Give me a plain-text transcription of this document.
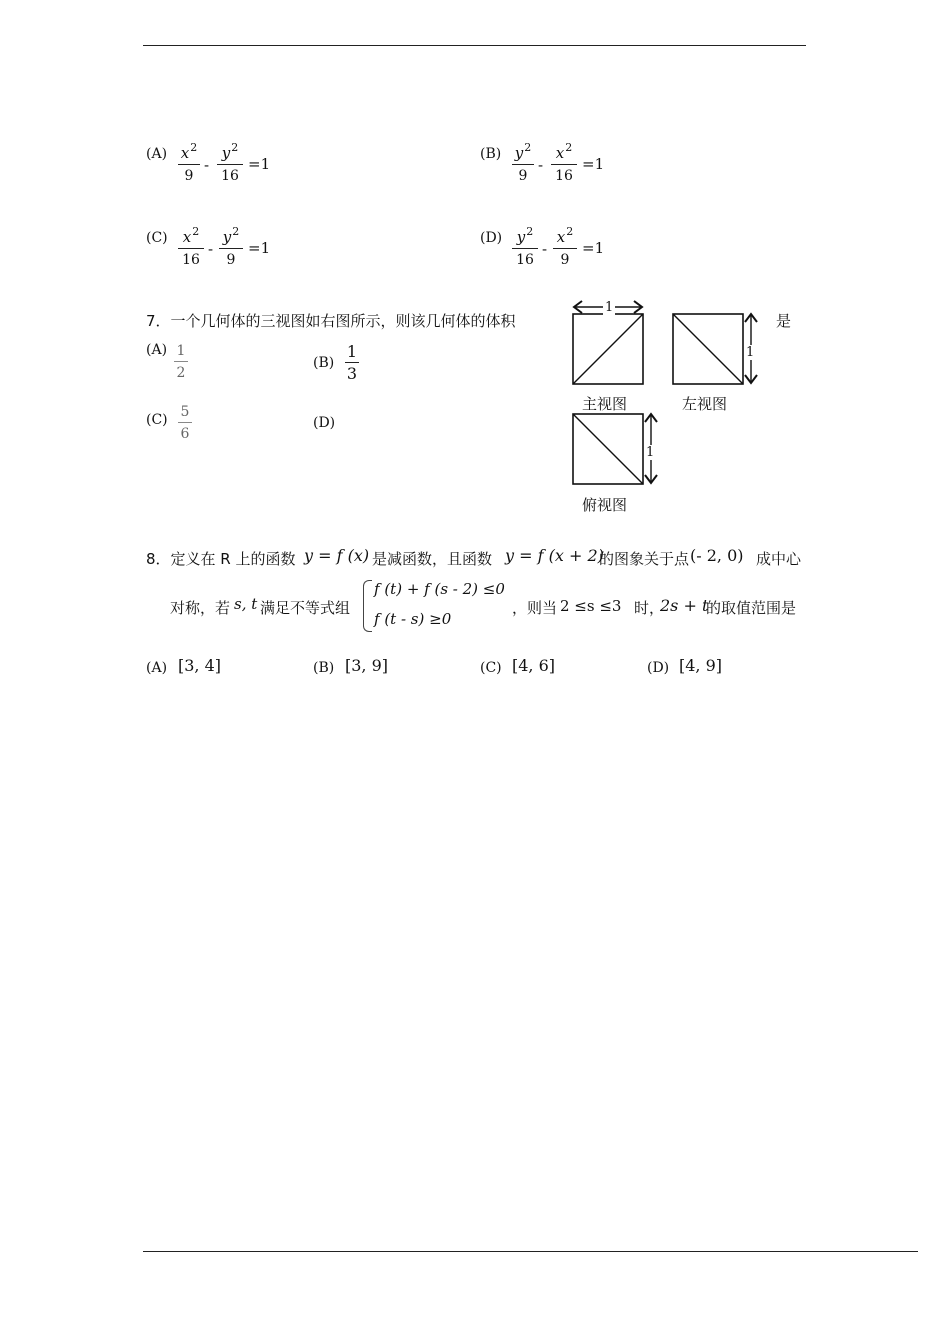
(A) $x^2$
9
-
$y^2$
16
=1
(B) $y^2$
9
-
$x^2$
16
=1
(C) $x^2$
16
-
$y^2$
9
=1
(D) $y^2$
16
-
$x^2$
9
=1
7．一个几何体的三视图如右图所示，则该几何体的体积	是
(A) 1
2
(B)
1
3
(C) 5
6
(D)
1
1
1
主视图	左视图
俯视图
8．定义在 R 上的函数 y = f (x) 是减函数，且函数 y = f (x + 2)
的图象关于点 (- 2, 0) 成中心
对称，若 s, t 满足不等式组
f (t) + f (s - 2) ≤0
f (t - s) ≥0
，则当 2 ≤s ≤3 时，
2s + t
的取值范围是
(A) [3, 4]	(B) [3, 9]	(C) [4, 6]	(D) [4, 9]
